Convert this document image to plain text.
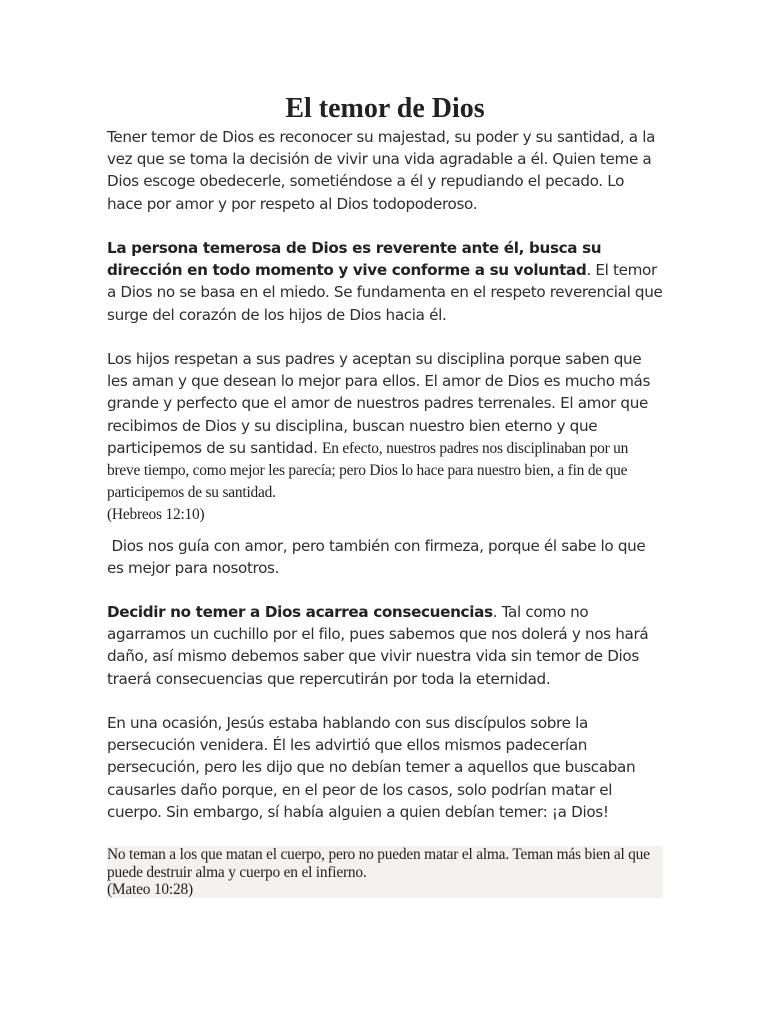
El temor de Dios

Tener temor de Dios es reconocer su majestad, su poder y su santidad, a la vez que se toma la decisión de vivir una vida agradable a él. Quien teme a Dios escoge obedecerle, sometiéndose a él y repudiando el pecado. Lo hace por amor y por respeto al Dios todopoderoso.

La persona temerosa de Dios es reverente ante él, busca su dirección en todo momento y vive conforme a su voluntad. El temor a Dios no se basa en el miedo. Se fundamenta en el respeto reverencial que surge del corazón de los hijos de Dios hacia él.

Los hijos respetan a sus padres y aceptan su disciplina porque saben que les aman y que desean lo mejor para ellos. El amor de Dios es mucho más grande y perfecto que el amor de nuestros padres terrenales. El amor que recibimos de Dios y su disciplina, buscan nuestro bien eterno y que participemos de su santidad. En efecto, nuestros padres nos disciplinaban por un breve tiempo, como mejor les parecía; pero Dios lo hace para nuestro bien, a fin de que participemos de su santidad.
(Hebreos 12:10)

Dios nos guía con amor, pero también con firmeza, porque él sabe lo que es mejor para nosotros.

Decidir no temer a Dios acarrea consecuencias. Tal como no agarramos un cuchillo por el filo, pues sabemos que nos dolerá y nos hará daño, así mismo debemos saber que vivir nuestra vida sin temor de Dios traerá consecuencias que repercutirán por toda la eternidad.

En una ocasión, Jesús estaba hablando con sus discípulos sobre la persecución venidera. Él les advirtió que ellos mismos padecerían persecución, pero les dijo que no debían temer a aquellos que buscaban causarles daño porque, en el peor de los casos, solo podrían matar el cuerpo. Sin embargo, sí había alguien a quien debían temer: ¡a Dios!

No teman a los que matan el cuerpo, pero no pueden matar el alma. Teman más bien al que puede destruir alma y cuerpo en el infierno.
(Mateo 10:28)
